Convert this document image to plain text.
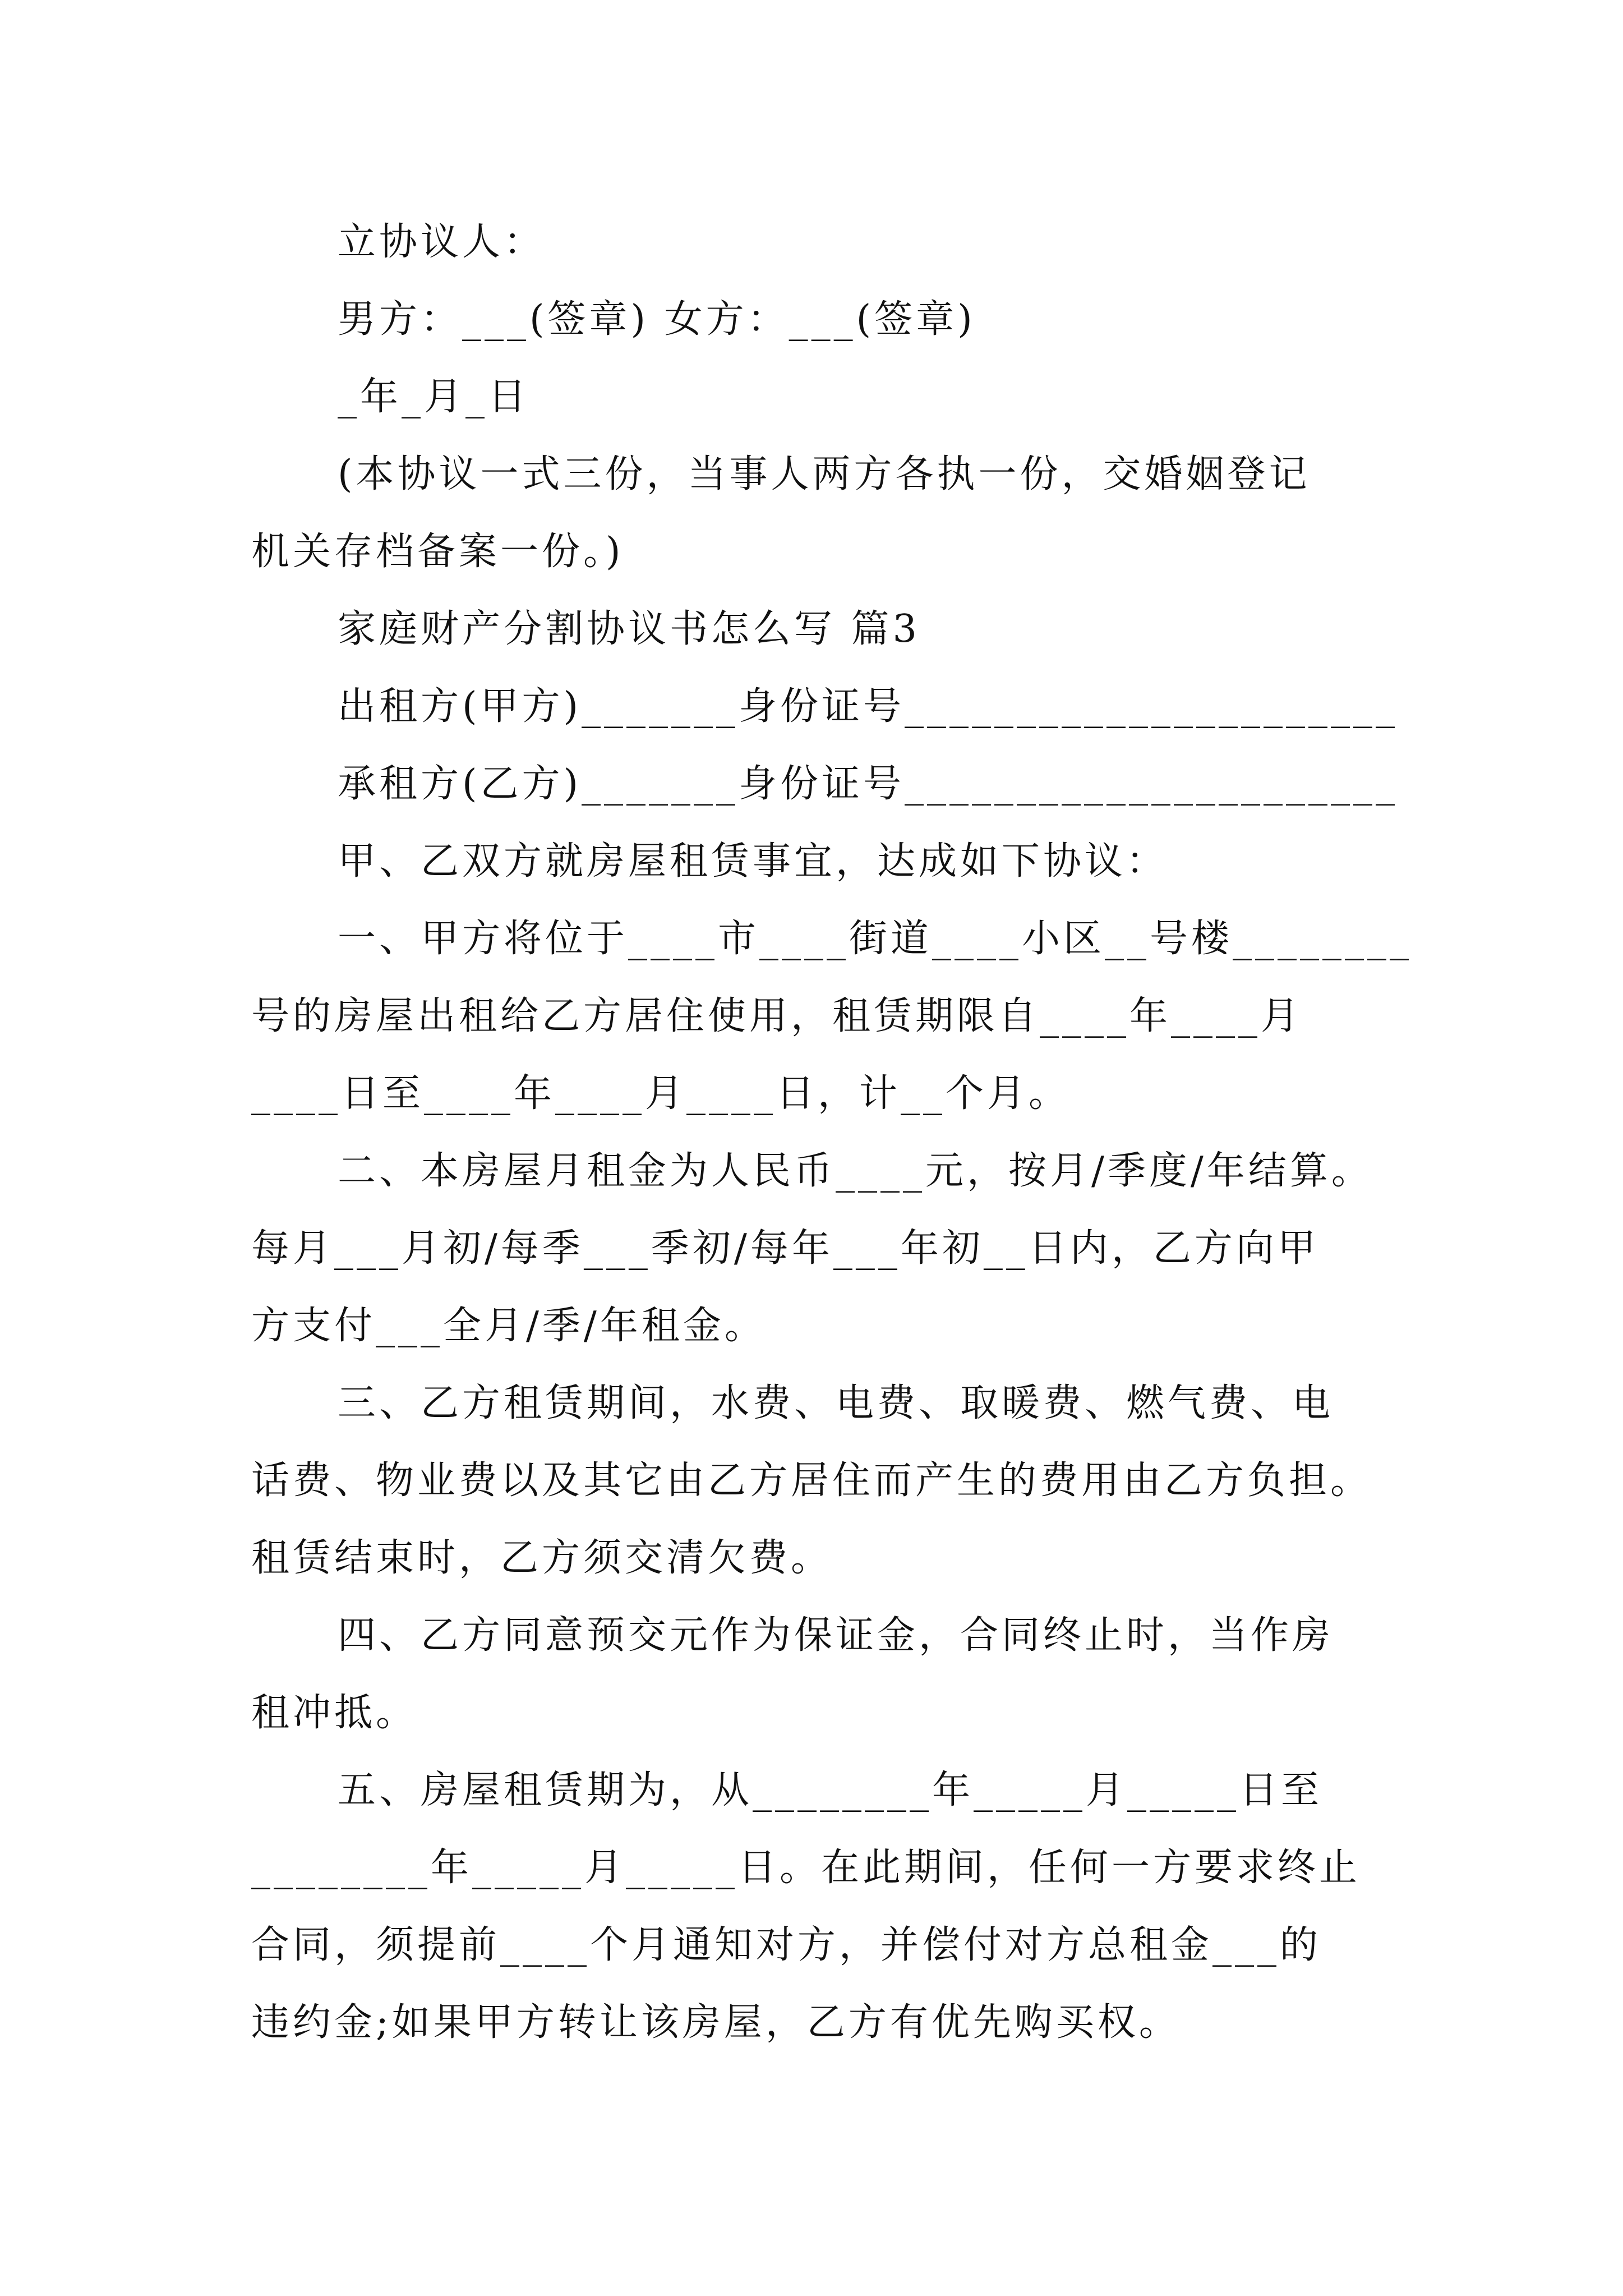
立协议人：
男方：___(签章) 女方：___(签章)
_年_月_日
(本协议一式三份，当事人两方各执一份，交婚姻登记
机关存档备案一份。)
家庭财产分割协议书怎么写 篇3
出租方(甲方)_______身份证号______________________
承租方(乙方)_______身份证号______________________
甲、乙双方就房屋租赁事宜，达成如下协议：
一、甲方将位于____市____街道____小区__号楼________
号的房屋出租给乙方居住使用，租赁期限自____年____月
____日至____年____月____日，计__个月。
二、本房屋月租金为人民币____元，按月/季度/年结算。
每月___月初/每季___季初/每年___年初__日内，乙方向甲
方支付___全月/季/年租金。
三、乙方租赁期间，水费、电费、取暖费、燃气费、电
话费、物业费以及其它由乙方居住而产生的费用由乙方负担。
租赁结束时，乙方须交清欠费。
四、乙方同意预交元作为保证金，合同终止时，当作房
租冲抵。
五、房屋租赁期为，从________年_____月_____日至
________年_____月_____日。在此期间，任何一方要求终止
合同，须提前____个月通知对方，并偿付对方总租金___的
违约金;如果甲方转让该房屋，乙方有优先购买权。
